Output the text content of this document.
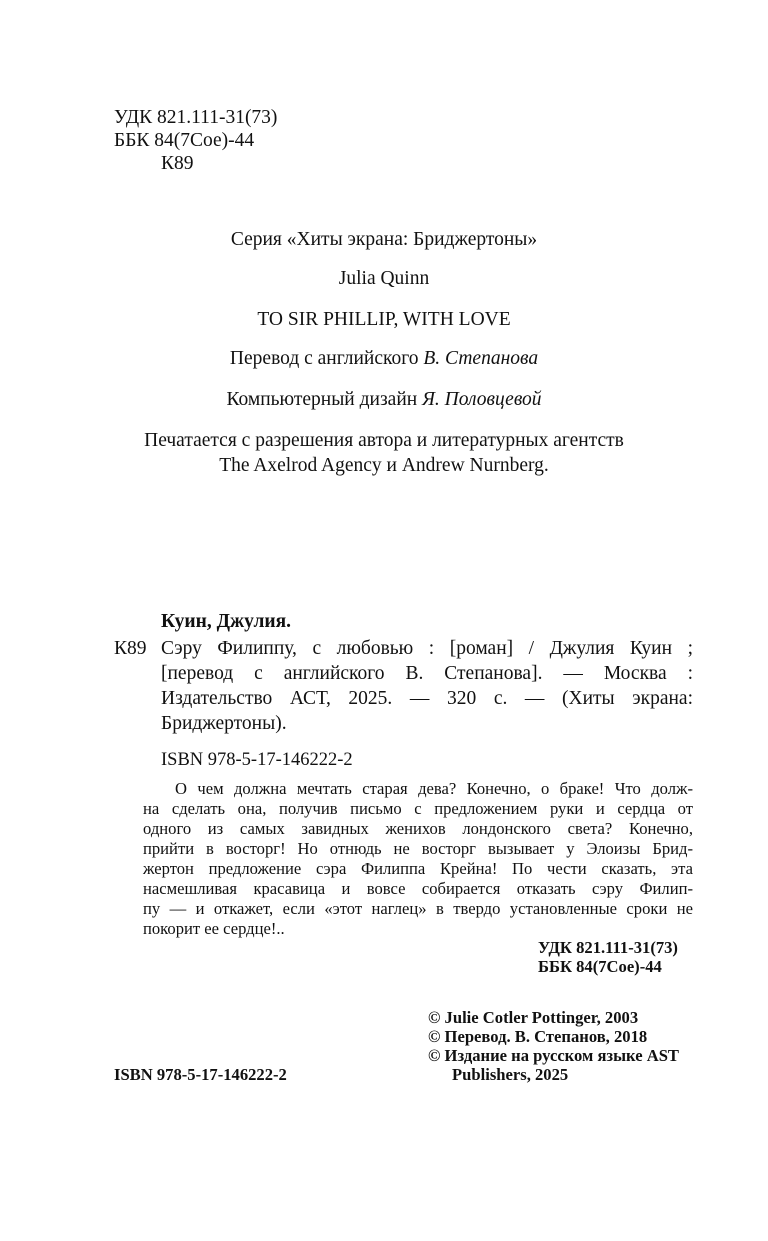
УДК 821.111-31(73)
ББК 84(7Сое)-44
К89
Серия «Хиты экрана: Бриджертоны»
Julia Quinn
TO SIR PHILLIP, WITH LOVE
Перевод с английского В. Степанова
Компьютерный дизайн Я. Половцевой
Печатается с разрешения автора и литературных агентств
The Axelrod Agency и Andrew Nurnberg.
Куин, Джулия.
К89 Сэру Филиппу, с любовью : [роман] / Джулия Куин ;
[перевод с английского В. Степанова]. — Москва :
Издательство АСТ, 2025. — 320 с. — (Хиты экрана:
Бриджертоны).
ISBN 978-5-17-146222-2
О чем должна мечтать старая дева? Конечно, о браке! Что долж-
на сделать она, получив письмо с предложением руки и сердца от
одного из самых завидных женихов лондонского света? Конечно,
прийти в восторг! Но отнюдь не восторг вызывает у Элоизы Брид-
жертон предложение сэра Филиппа Крейна! По чести сказать, эта
насмешливая красавица и вовсе собирается отказать сэру Филип-
пу — и откажет, если «этот наглец» в твердо установленные сроки не
покорит ее сердце!..
УДК 821.111-31(73)
ББК 84(7Сое)-44
© Julie Cotler Pottinger, 2003
© Перевод. В. Степанов, 2018
© Издание на русском языке AST
Publishers, 2025
ISBN 978-5-17-146222-2
